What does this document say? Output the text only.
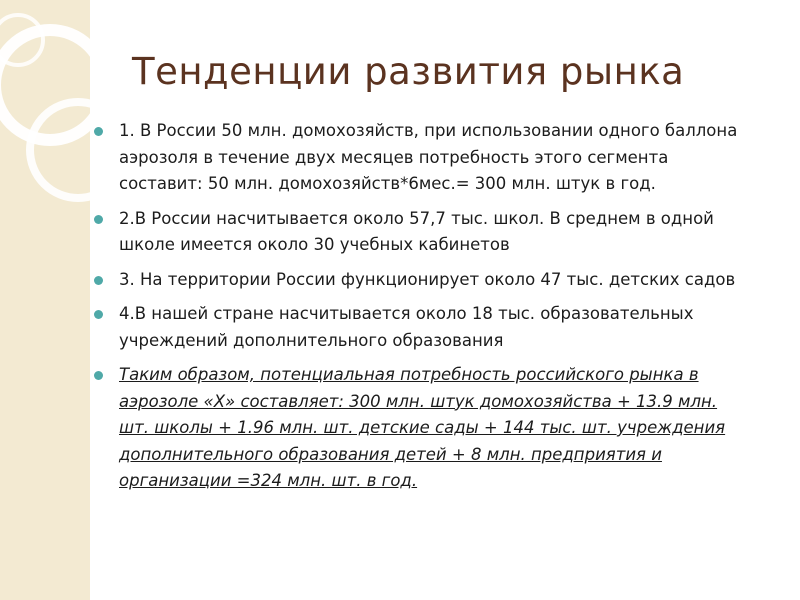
Тенденции развития рынка
1. В России 50 млн. домохозяйств, при использовании одного баллона аэрозоля в течение двух месяцев потребность этого сегмента составит: 50 млн. домохозяйств*6мес.= 300 млн. штук в год.
2.В России насчитывается около 57,7 тыс. школ. В среднем в одной школе имеется около 30 учебных кабинетов
3. На территории России функционирует около 47 тыс. детских садов
4.В нашей стране насчитывается около 18 тыс. образовательных учреждений дополнительного образования
Таким образом, потенциальная потребность российского рынка в аэрозоле «Х» составляет: 300 млн. штук домохозяйства + 13.9 млн. шт. школы + 1.96 млн. шт. детские сады + 144 тыс. шт. учреждения дополнительного образования детей + 8 млн. предприятия и организации =324 млн. шт. в год.
